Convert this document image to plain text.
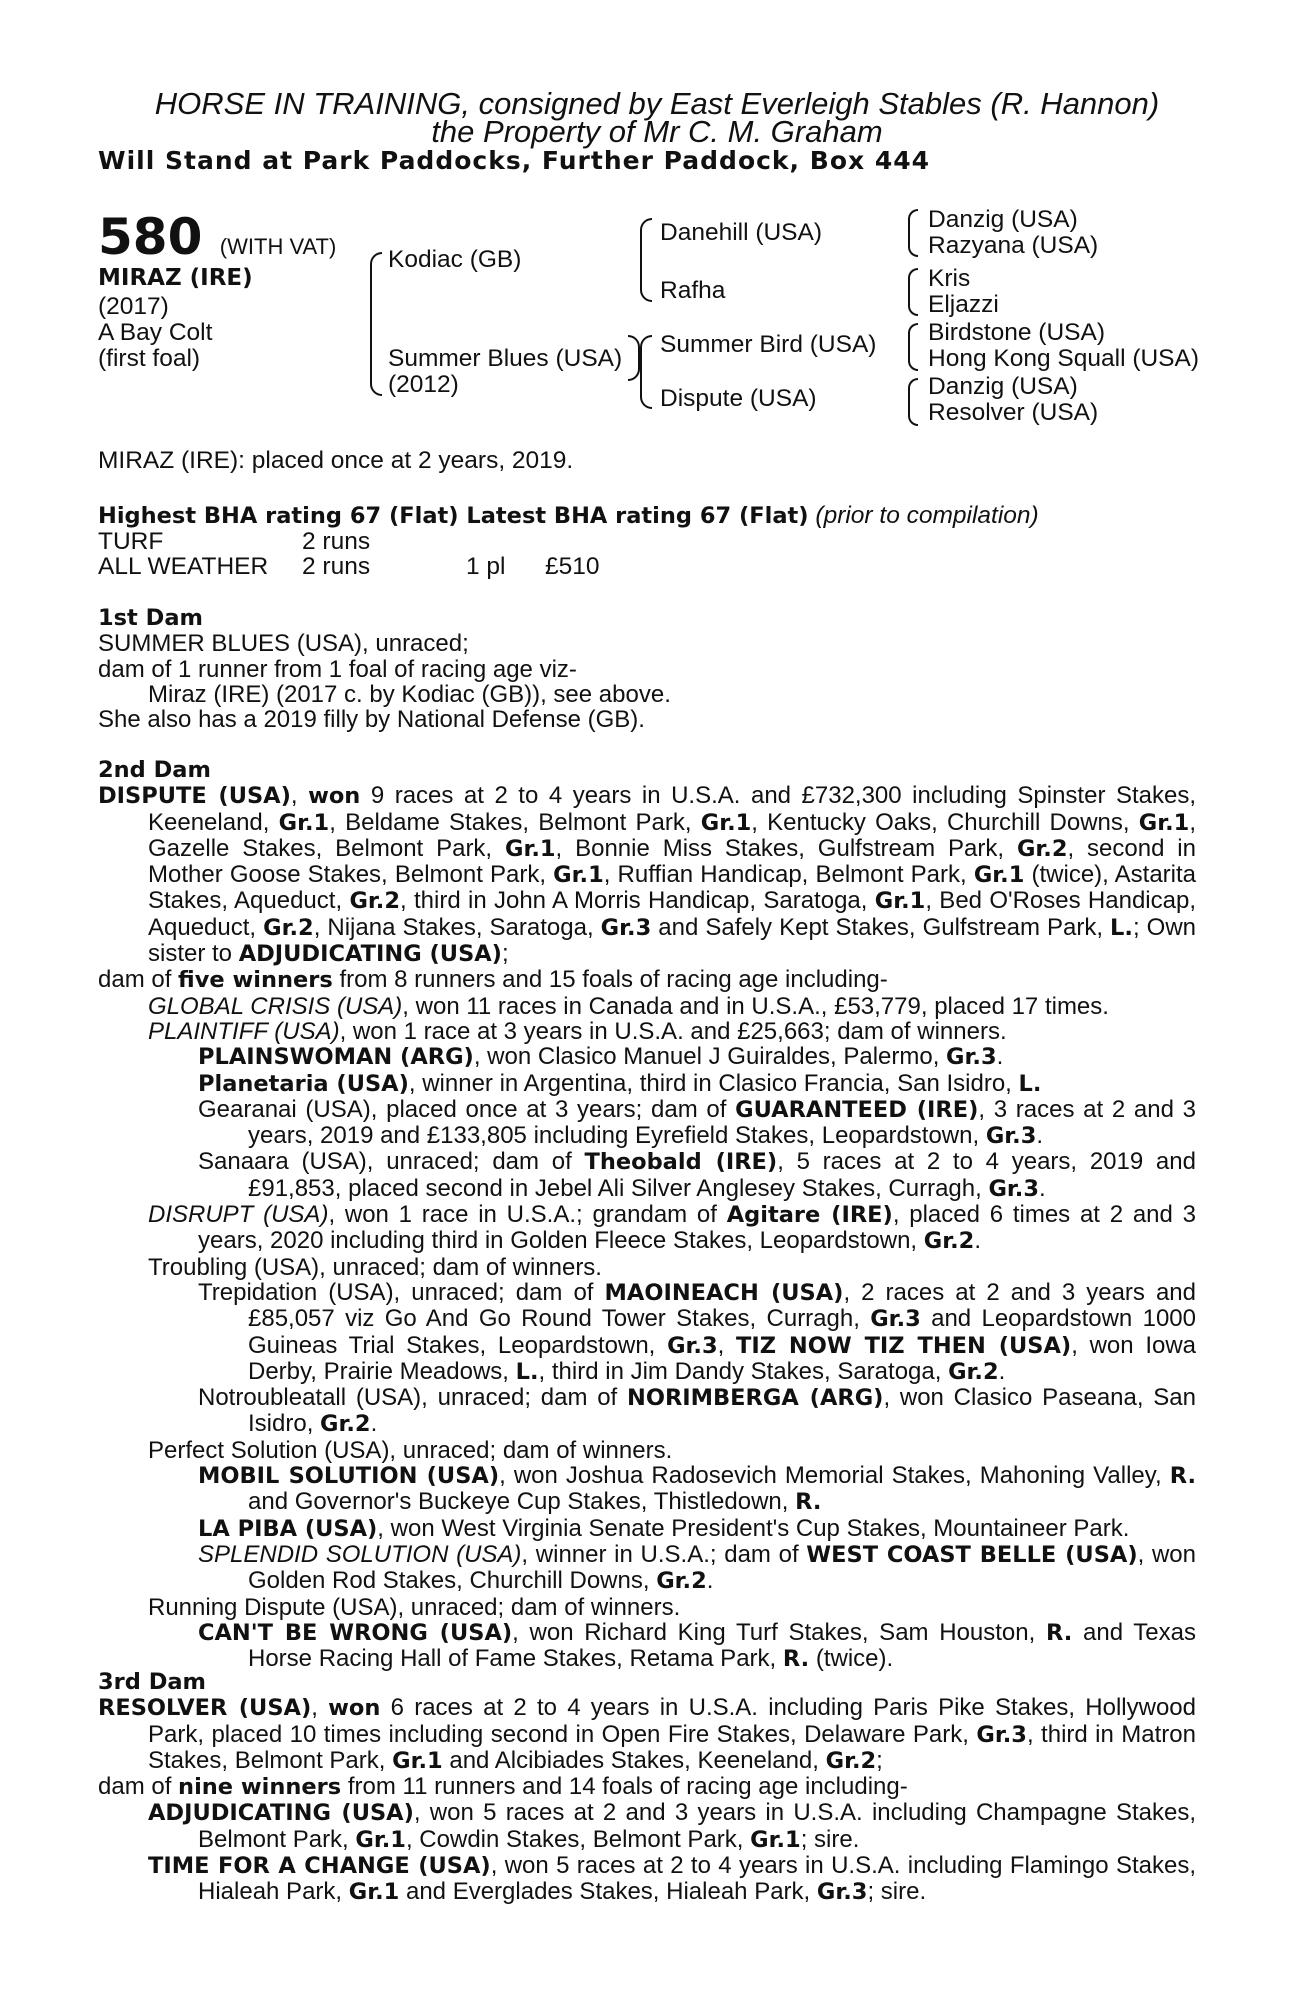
HORSE IN TRAINING, consigned by East Everleigh Stables (R. Hannon)
the Property of Mr C. M. Graham
Will Stand at Park Paddocks, Further Paddock, Box 444
580 (WITH VAT)
MIRAZ (IRE)
(2017)
A Bay Colt
(first foal)
Kodiac (GB)
Summer Blues (USA)
(2012)
Danehill (USA)
Rafha
Summer Bird (USA)
Dispute (USA)
Danzig (USA)
Razyana (USA)
Kris
Eljazzi
Birdstone (USA)
Hong Kong Squall (USA)
Danzig (USA)
Resolver (USA)
MIRAZ (IRE): placed once at 2 years, 2019.
Highest BHA rating 67 (Flat) Latest BHA rating 67 (Flat) (prior to compilation)
TURF	2 runs
ALL WEATHER 2 runs	1 pl £510

1st Dam

SUMMER BLUES (USA), unraced;

dam of 1 runner from 1 foal of racing age viz-

Miraz (IRE) (2017 c. by Kodiac (GB)), see above.

She also has a 2019 filly by National Defense (GB).

2nd Dam

DISPUTE (USA), won 9 races at 2 to 4 years in U.S.A. and £732,300 including Spinster Stakes, Keeneland, Gr.1, Beldame Stakes, Belmont Park, Gr.1, Kentucky Oaks, Churchill Downs, Gr.1, Gazelle Stakes, Belmont Park, Gr.1, Bonnie Miss Stakes, Gulfstream Park, Gr.2, second in Mother Goose Stakes, Belmont Park, Gr.1, Ruffian Handicap, Belmont Park, Gr.1 (twice), Astarita Stakes, Aqueduct, Gr.2, third in John A Morris Handicap, Saratoga, Gr.1, Bed O'Roses Handicap, Aqueduct, Gr.2, Nijana Stakes, Saratoga, Gr.3 and Safely Kept Stakes, Gulfstream Park, L.; Own sister to ADJUDICATING (USA);

dam of five winners from 8 runners and 15 foals of racing age including-

GLOBAL CRISIS (USA), won 11 races in Canada and in U.S.A., £53,779, placed 17 times.

PLAINTIFF (USA), won 1 race at 3 years in U.S.A. and £25,663; dam of winners.

PLAINSWOMAN (ARG), won Clasico Manuel J Guiraldes, Palermo, Gr.3.

Planetaria (USA), winner in Argentina, third in Clasico Francia, San Isidro, L.

Gearanai (USA), placed once at 3 years; dam of GUARANTEED (IRE), 3 races at 2 and 3 years, 2019 and £133,805 including Eyrefield Stakes, Leopardstown, Gr.3.

Sanaara (USA), unraced; dam of Theobald (IRE), 5 races at 2 to 4 years, 2019 and £91,853, placed second in Jebel Ali Silver Anglesey Stakes, Curragh, Gr.3.

DISRUPT (USA), won 1 race in U.S.A.; grandam of Agitare (IRE), placed 6 times at 2 and 3 years, 2020 including third in Golden Fleece Stakes, Leopardstown, Gr.2.

Troubling (USA), unraced; dam of winners.

Trepidation (USA), unraced; dam of MAOINEACH (USA), 2 races at 2 and 3 years and £85,057 viz Go And Go Round Tower Stakes, Curragh, Gr.3 and Leopardstown 1000 Guineas Trial Stakes, Leopardstown, Gr.3, TIZ NOW TIZ THEN (USA), won Iowa Derby, Prairie Meadows, L., third in Jim Dandy Stakes, Saratoga, Gr.2.

Notroubleatall (USA), unraced; dam of NORIMBERGA (ARG), won Clasico Paseana, San Isidro, Gr.2.

Perfect Solution (USA), unraced; dam of winners.

MOBIL SOLUTION (USA), won Joshua Radosevich Memorial Stakes, Mahoning Valley, R. and Governor's Buckeye Cup Stakes, Thistledown, R.

LA PIBA (USA), won West Virginia Senate President's Cup Stakes, Mountaineer Park.

SPLENDID SOLUTION (USA), winner in U.S.A.; dam of WEST COAST BELLE (USA), won Golden Rod Stakes, Churchill Downs, Gr.2.

Running Dispute (USA), unraced; dam of winners.

CAN'T BE WRONG (USA), won Richard King Turf Stakes, Sam Houston, R. and Texas Horse Racing Hall of Fame Stakes, Retama Park, R. (twice).

3rd Dam

RESOLVER (USA), won 6 races at 2 to 4 years in U.S.A. including Paris Pike Stakes, Hollywood Park, placed 10 times including second in Open Fire Stakes, Delaware Park, Gr.3, third in Matron Stakes, Belmont Park, Gr.1 and Alcibiades Stakes, Keeneland, Gr.2;

dam of nine winners from 11 runners and 14 foals of racing age including-

ADJUDICATING (USA), won 5 races at 2 and 3 years in U.S.A. including Champagne Stakes, Belmont Park, Gr.1, Cowdin Stakes, Belmont Park, Gr.1; sire.

TIME FOR A CHANGE (USA), won 5 races at 2 to 4 years in U.S.A. including Flamingo Stakes, Hialeah Park, Gr.1 and Everglades Stakes, Hialeah Park, Gr.3; sire.
